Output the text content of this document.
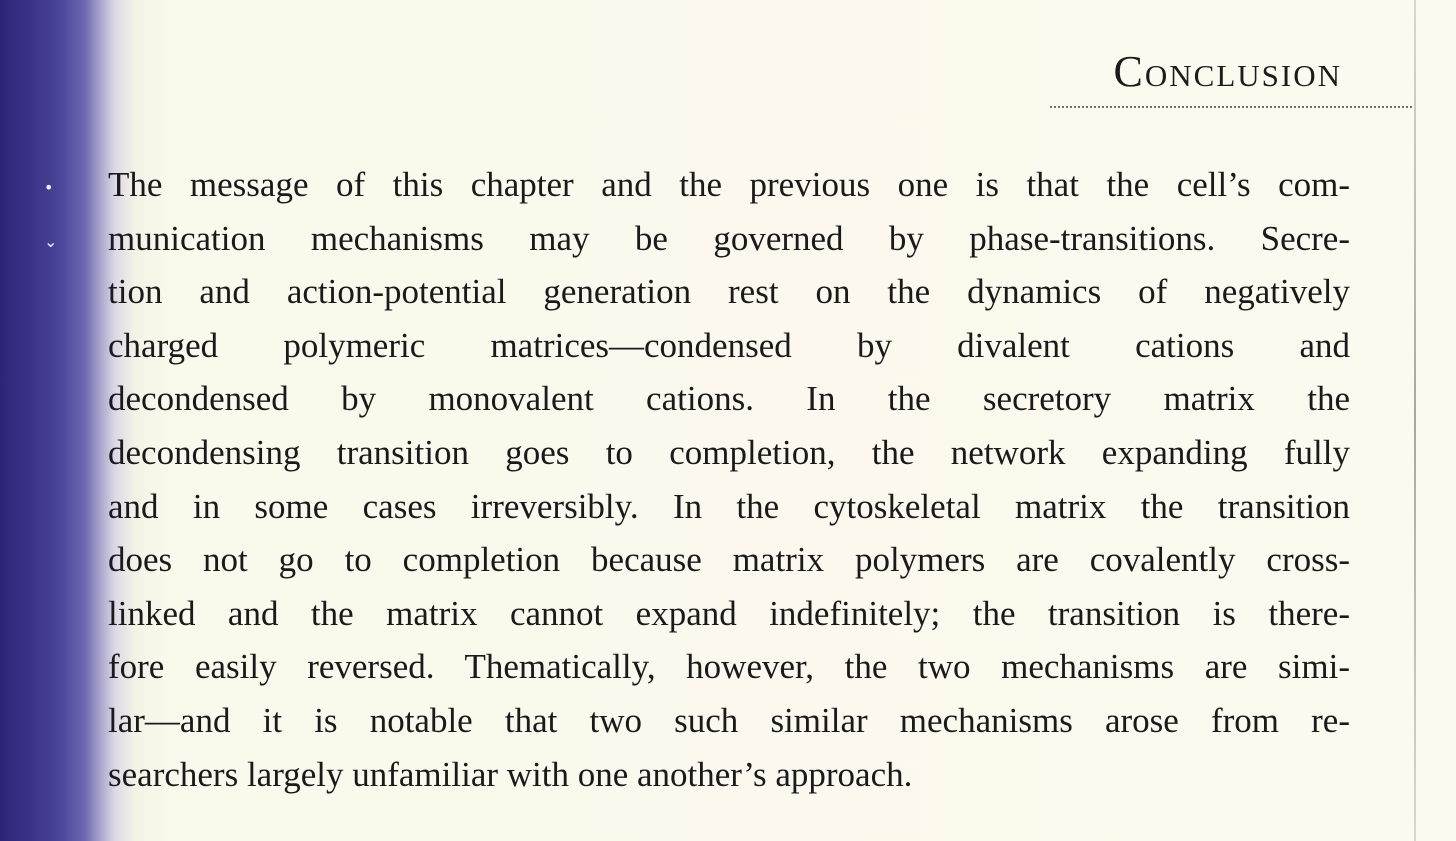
•
⌄
Conclusion
The message of this chapter and the previous one is that the cell’s com-
munication mechanisms may be governed by phase-transitions. Secre-
tion and action-potential generation rest on the dynamics of negatively
charged polymeric matrices—condensed by divalent cations and
decondensed by monovalent cations. In the secretory matrix the
decondensing transition goes to completion, the network expanding fully
and in some cases irreversibly. In the cytoskeletal matrix the transition
does not go to completion because matrix polymers are covalently cross-
linked and the matrix cannot expand indefinitely; the transition is there-
fore easily reversed. Thematically, however, the two mechanisms are simi-
lar—and it is notable that two such similar mechanisms arose from re-
searchers largely unfamiliar with one another’s approach.
